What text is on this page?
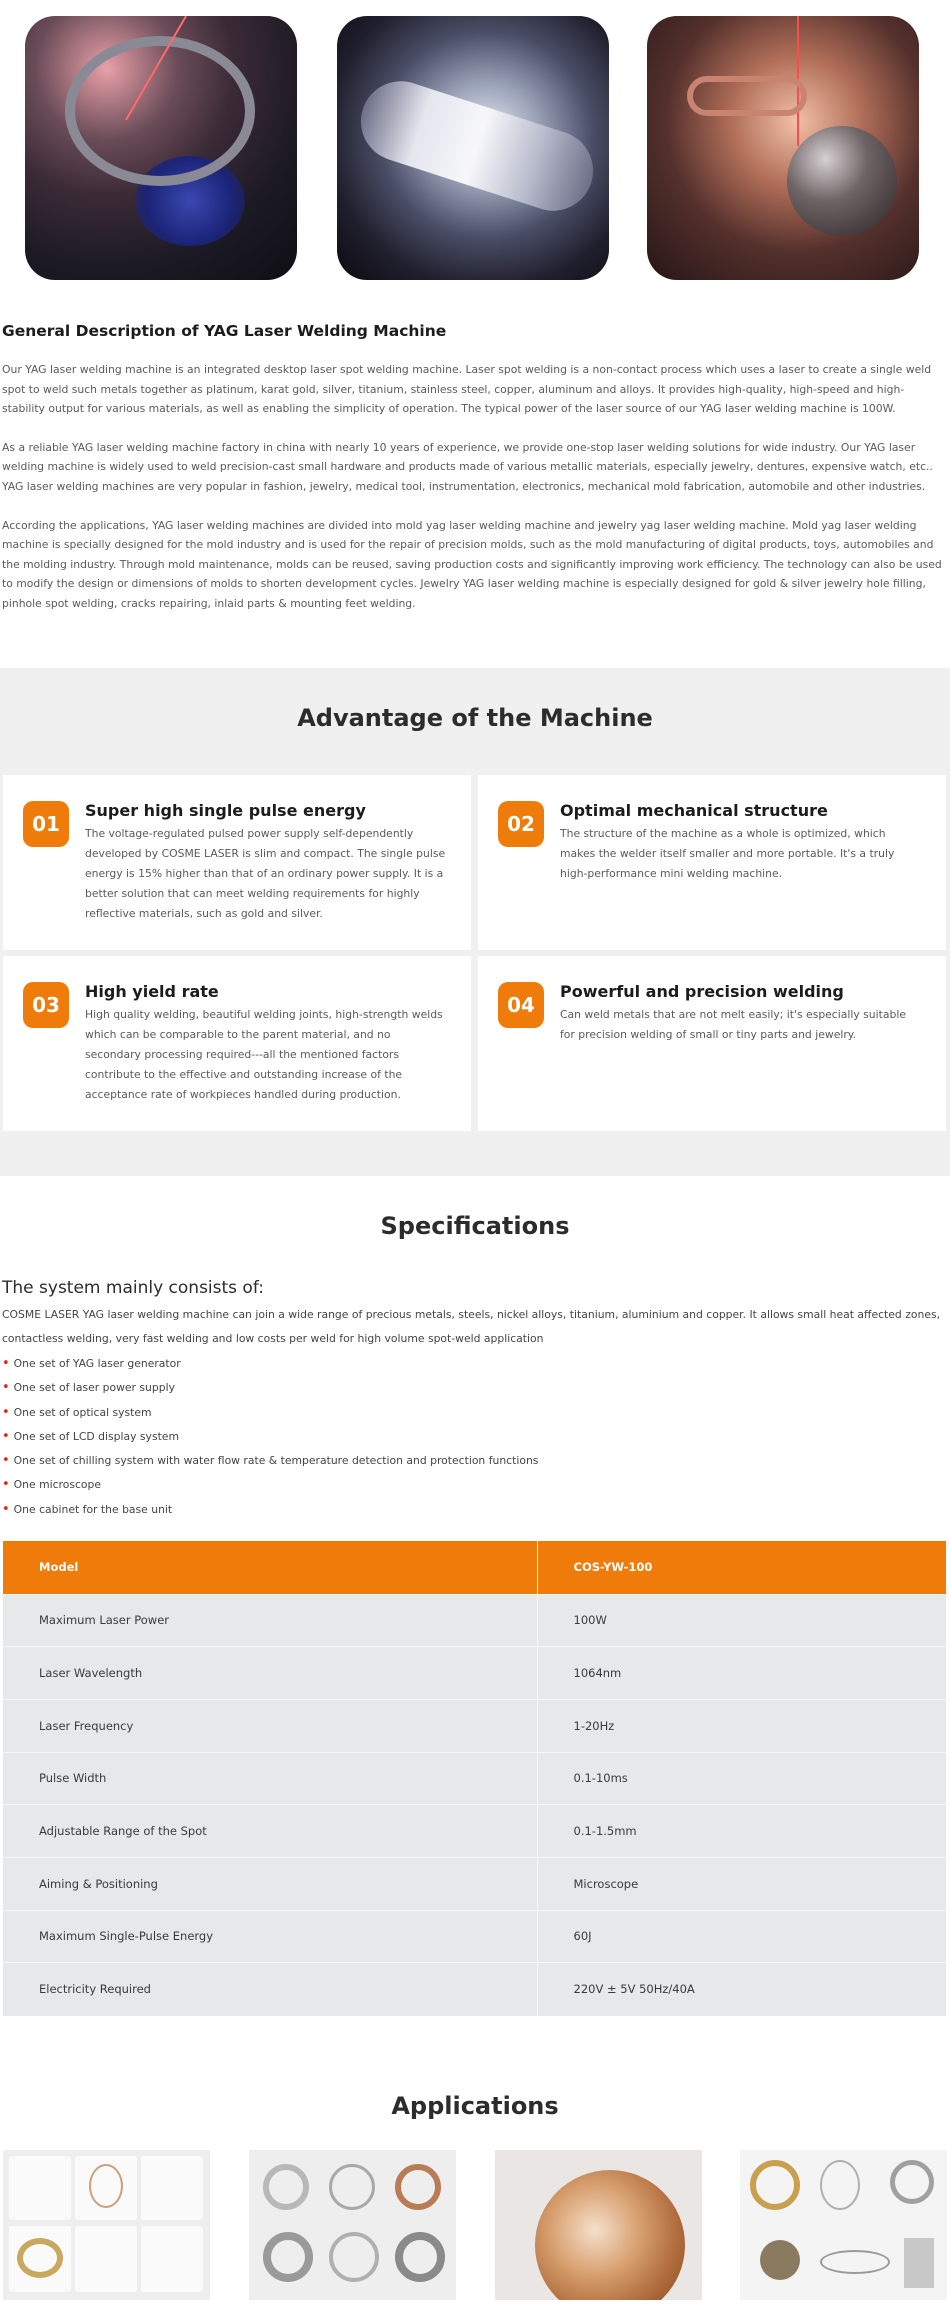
General Description of YAG Laser Welding Machine

Our YAG laser welding machine is an integrated desktop laser spot welding machine. Laser spot welding is a non-contact process which uses a laser to create a single weld spot to weld such metals together as platinum, karat gold, silver, titanium, stainless steel, copper, aluminum and alloys. It provides high-quality, high-speed and high-stability output for various materials, as well as enabling the simplicity of operation. The typical power of the laser source of our YAG laser welding machine is 100W.

As a reliable YAG laser welding machine factory in china with nearly 10 years of experience, we provide one-stop laser welding solutions for wide industry. Our YAG laser welding machine is widely used to weld precision-cast small hardware and products made of various metallic materials, especially jewelry, dentures, expensive watch, etc.. YAG laser welding machines are very popular in fashion, jewelry, medical tool, instrumentation, electronics, mechanical mold fabrication, automobile and other industries.

According the applications, YAG laser welding machines are divided into mold yag laser welding machine and jewelry yag laser welding machine. Mold yag laser welding machine is specially designed for the mold industry and is used for the repair of precision molds, such as the mold manufacturing of digital products, toys, automobiles and the molding industry. Through mold maintenance, molds can be reused, saving production costs and significantly improving work efficiency. The technology can also be used to modify the design or dimensions of molds to shorten development cycles. Jewelry YAG laser welding machine is especially designed for gold & silver jewelry hole filling, pinhole spot welding, cracks repairing, inlaid parts & mounting feet welding.

Advantage of the Machine
01
Super high single pulse energy
The voltage-regulated pulsed power supply self-dependently developed by COSME LASER is slim and compact. The single pulse energy is 15% higher than that of an ordinary power supply. It is a better solution that can meet welding requirements for highly reflective materials, such as gold and silver.
02
Optimal mechanical structure
The structure of the machine as a whole is optimized, which makes the welder itself smaller and more portable. It's a truly high-performance mini welding machine.
03
High yield rate
High quality welding, beautiful welding joints, high-strength welds which can be comparable to the parent material, and no secondary processing required---all the mentioned factors contribute to the effective and outstanding increase of the acceptance rate of workpieces handled during production.
04
Powerful and precision welding
Can weld metals that are not melt easily; it's especially suitable for precision welding of small or tiny parts and jewelry.
Specifications
The system mainly consists of:

COSME LASER YAG laser welding machine can join a wide range of precious metals, steels, nickel alloys, titanium, aluminium and copper. It allows small heat affected zones, contactless welding, very fast welding and low costs per weld for high volume spot-weld application

• One set of YAG laser generator
• One set of laser power supply
• One set of optical system
• One set of LCD display system
• One set of chilling system with water flow rate & temperature detection and protection functions
• One microscope
• One cabinet for the base unit
Model	COS-YW-100
Maximum Laser Power	100W
Laser Wavelength	1064nm
Laser Frequency	1-20Hz
Pulse Width	0.1-10ms
Adjustable Range of the Spot	0.1-1.5mm
Aiming & Positioning	Microscope
Maximum Single-Pulse Energy	60J
Electricity Required	220V ± 5V 50Hz/40A
Applications
